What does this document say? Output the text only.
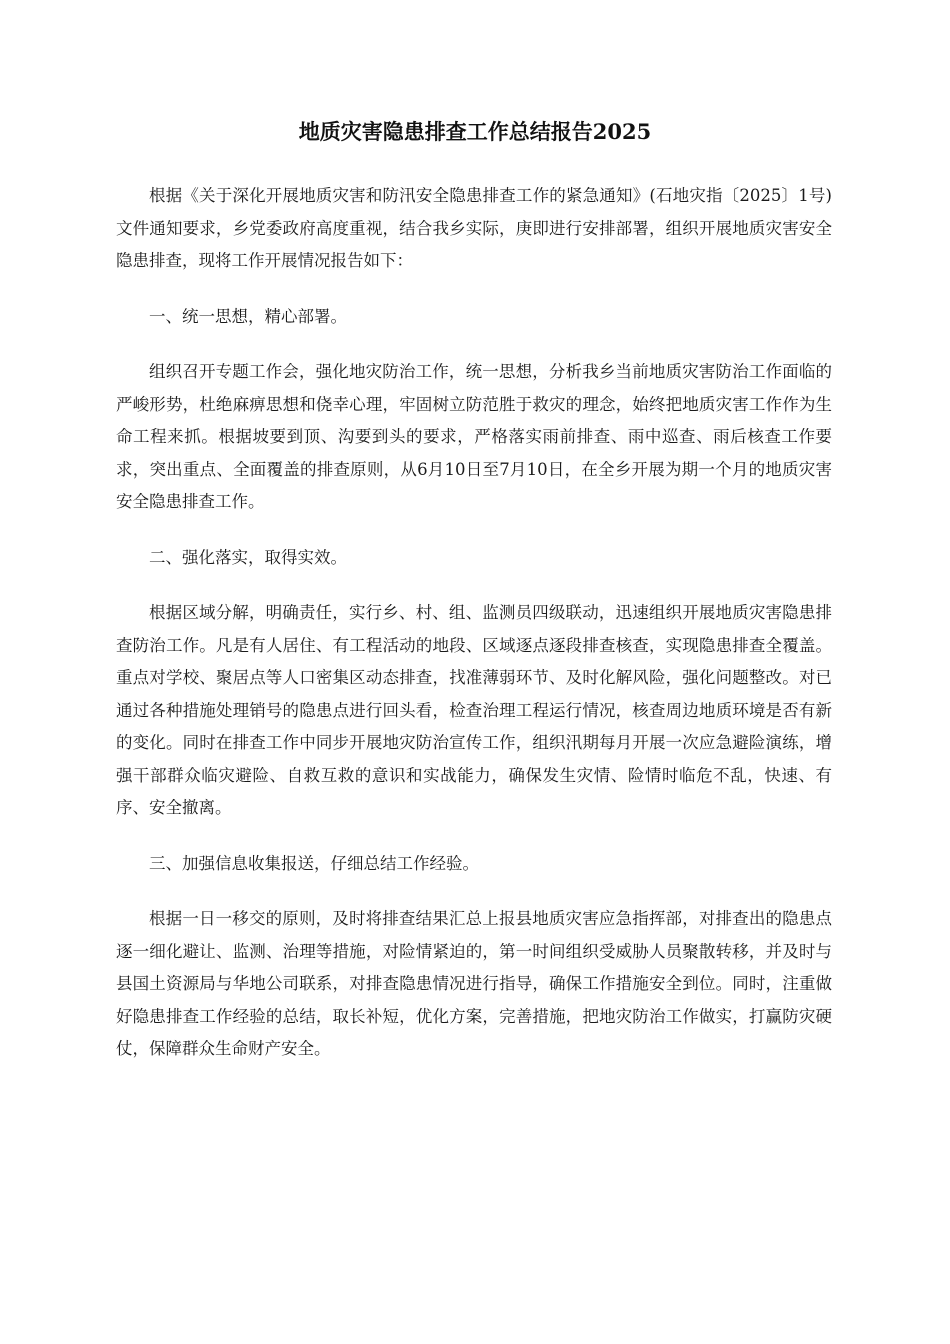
地质灾害隐患排查工作总结报告2025

根据《关于深化开展地质灾害和防汛安全隐患排查工作的紧急通知》(石地灾指〔2025〕1号)文件通知要求，乡党委政府高度重视，结合我乡实际，庚即进行安排部署，组织开展地质灾害安全隐患排查，现将工作开展情况报告如下：

一、统一思想，精心部署。

组织召开专题工作会，强化地灾防治工作，统一思想，分析我乡当前地质灾害防治工作面临的严峻形势，杜绝麻痹思想和侥幸心理，牢固树立防范胜于救灾的理念，始终把地质灾害工作作为生命工程来抓。根据坡要到顶、沟要到头的要求，严格落实雨前排查、雨中巡查、雨后核查工作要求，突出重点、全面覆盖的排查原则，从6月10日至7月10日，在全乡开展为期一个月的地质灾害安全隐患排查工作。

二、强化落实，取得实效。

根据区域分解，明确责任，实行乡、村、组、监测员四级联动，迅速组织开展地质灾害隐患排查防治工作。凡是有人居住、有工程活动的地段、区域逐点逐段排查核查，实现隐患排查全覆盖。重点对学校、聚居点等人口密集区动态排查，找准薄弱环节、及时化解风险，强化问题整改。对已通过各种措施处理销号的隐患点进行回头看，检查治理工程运行情况，核查周边地质环境是否有新的变化。同时在排查工作中同步开展地灾防治宣传工作，组织汛期每月开展一次应急避险演练，增强干部群众临灾避险、自救互救的意识和实战能力，确保发生灾情、险情时临危不乱，快速、有序、安全撤离。

三、加强信息收集报送，仔细总结工作经验。

根据一日一移交的原则，及时将排查结果汇总上报县地质灾害应急指挥部，对排查出的隐患点逐一细化避让、监测、治理等措施，对险情紧迫的，第一时间组织受威胁人员聚散转移，并及时与县国土资源局与华地公司联系，对排查隐患情况进行指导，确保工作措施安全到位。同时，注重做好隐患排查工作经验的总结，取长补短，优化方案，完善措施，把地灾防治工作做实，打赢防灾硬仗，保障群众生命财产安全。
